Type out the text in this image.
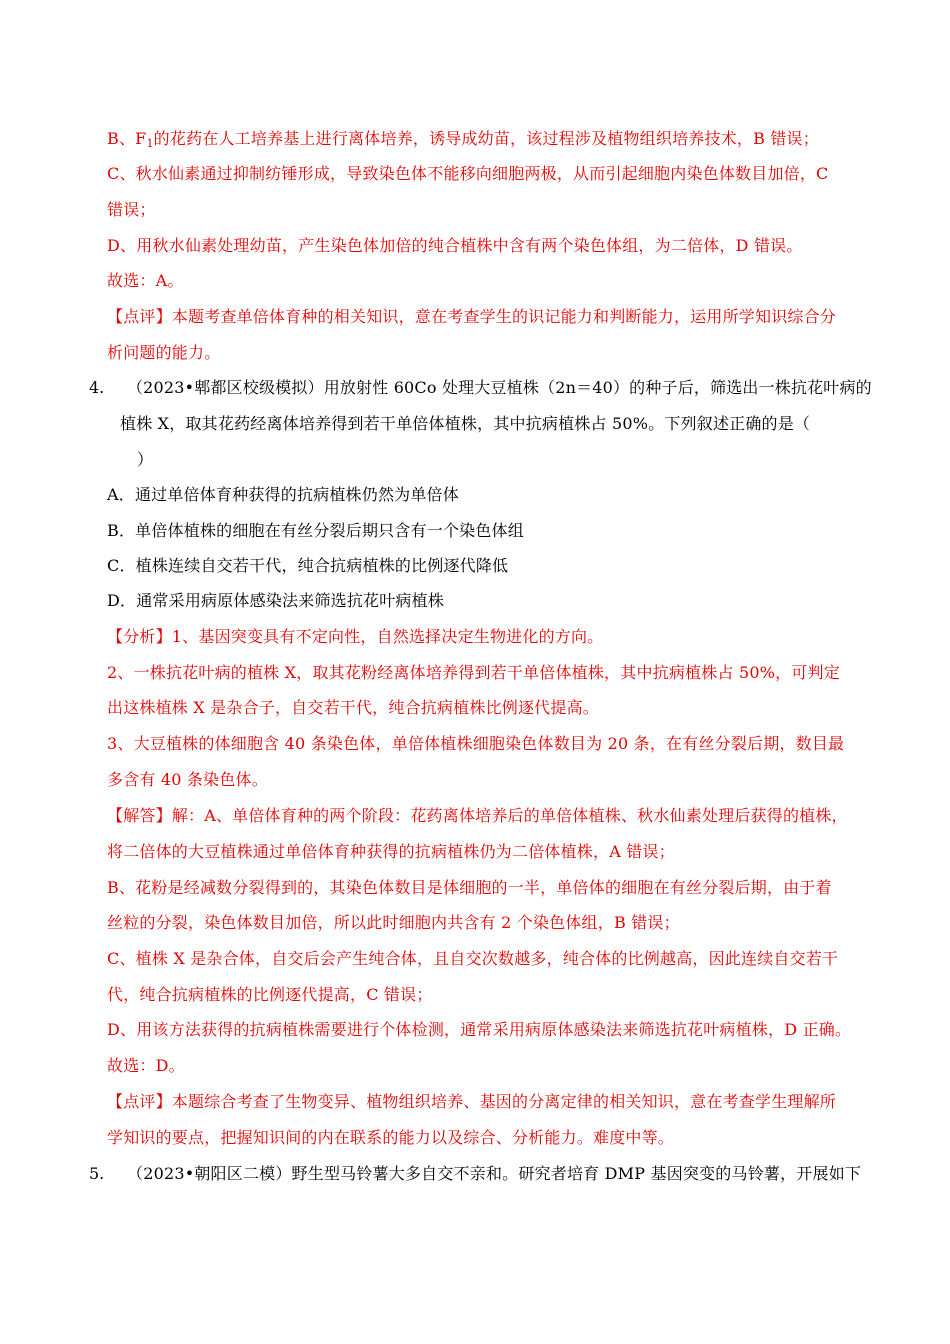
B、$F_1$的花药在人工培养基上进行离体培养，诱导成幼苗，该过程涉及植物组织培养技术，B 错误；
C、秋水仙素通过抑制纺锤形成，导致染色体不能移向细胞两极，从而引起细胞内染色体数目加倍，C
错误；
D、用秋水仙素处理幼苗，产生染色体加倍的纯合植株中含有两个染色体组，为二倍体，D 错误。
故选：A。
【点评】本题考查单倍体育种的相关知识，意在考查学生的识记能力和判断能力，运用所学知识综合分
析问题的能力。
4. （2023•郫都区校级模拟）用放射性 60Co 处理大豆植株（2n＝40）的种子后，筛选出一株抗花叶病的
植株 X，取其花药经离体培养得到若干单倍体植株，其中抗病植株占 50%。下列叙述正确的是（
）
A．通过单倍体育种获得的抗病植株仍然为单倍体
B．单倍体植株的细胞在有丝分裂后期只含有一个染色体组
C．植株连续自交若干代，纯合抗病植株的比例逐代降低
D．通常采用病原体感染法来筛选抗花叶病植株
【分析】1、基因突变具有不定向性，自然选择决定生物进化的方向。
2、一株抗花叶病的植株 X，取其花粉经离体培养得到若干单倍体植株，其中抗病植株占 50%，可判定
出这株植株 X 是杂合子，自交若干代，纯合抗病植株比例逐代提高。
3、大豆植株的体细胞含 40 条染色体，单倍体植株细胞染色体数目为 20 条，在有丝分裂后期，数目最
多含有 40 条染色体。
【解答】解：A、单倍体育种的两个阶段：花药离体培养后的单倍体植株、秋水仙素处理后获得的植株，
将二倍体的大豆植株通过单倍体育种获得的抗病植株仍为二倍体植株，A 错误；
B、花粉是经减数分裂得到的，其染色体数目是体细胞的一半，单倍体的细胞在有丝分裂后期，由于着
丝粒的分裂，染色体数目加倍，所以此时细胞内共含有 2 个染色体组，B 错误；
C、植株 X 是杂合体，自交后会产生纯合体，且自交次数越多，纯合体的比例越高，因此连续自交若干
代，纯合抗病植株的比例逐代提高，C 错误；
D、用该方法获得的抗病植株需要进行个体检测，通常采用病原体感染法来筛选抗花叶病植株，D 正确。
故选：D。
【点评】本题综合考查了生物变异、植物组织培养、基因的分离定律的相关知识，意在考查学生理解所
学知识的要点，把握知识间的内在联系的能力以及综合、分析能力。难度中等。
5. （2023•朝阳区二模）野生型马铃薯大多自交不亲和。研究者培育 DMP 基因突变的马铃薯，开展如下
